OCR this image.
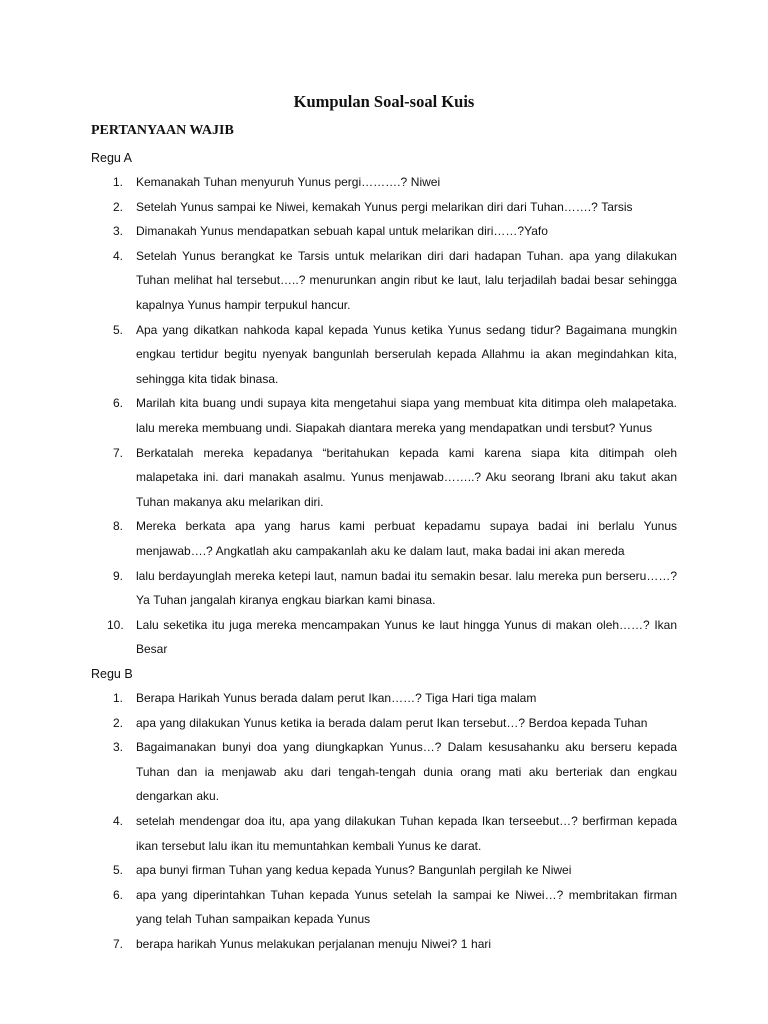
Kumpulan Soal-soal Kuis
PERTANYAAN WAJIB

Regu A

1.	Kemanakah Tuhan menyuruh Yunus pergi……….? Niwei
2.	Setelah Yunus sampai ke Niwei, kemakah Yunus pergi melarikan diri dari Tuhan…….? Tarsis
3.	Dimanakah Yunus mendapatkan sebuah kapal untuk melarikan diri……?Yafo
4.	Setelah Yunus berangkat ke Tarsis untuk melarikan diri dari hadapan Tuhan. apa yang dilakukan Tuhan melihat hal tersebut…..? menurunkan angin ribut ke laut, lalu terjadilah badai besar sehingga kapalnya Yunus hampir terpukul hancur.
5.	Apa yang dikatkan nahkoda kapal kepada Yunus ketika Yunus sedang tidur? Bagaimana mungkin engkau tertidur begitu nyenyak bangunlah berserulah kepada Allahmu ia akan megindahkan kita, sehingga kita tidak binasa.
6.	Marilah kita buang undi supaya kita mengetahui siapa yang membuat kita ditimpa oleh malapetaka. lalu mereka membuang undi. Siapakah diantara mereka yang mendapatkan undi tersbut? Yunus
7.	Berkatalah mereka kepadanya “beritahukan kepada kami karena siapa kita ditimpah oleh malapetaka ini. dari manakah asalmu. Yunus menjawab……..? Aku seorang Ibrani aku takut akan Tuhan makanya aku melarikan diri.
8.	Mereka berkata apa yang harus kami perbuat kepadamu supaya badai ini berlalu Yunus menjawab….? Angkatlah aku campakanlah aku ke dalam laut, maka badai ini akan mereda
9.	lalu berdayunglah mereka ketepi laut, namun badai itu semakin besar. lalu mereka pun berseru……? Ya Tuhan jangalah kiranya engkau biarkan kami binasa.
10.	Lalu seketika itu juga mereka mencampakan Yunus ke laut hingga Yunus di makan oleh……? Ikan Besar

Regu B

1.	Berapa Harikah Yunus berada dalam perut Ikan……? Tiga Hari tiga malam
2.	apa yang dilakukan Yunus ketika ia berada dalam perut Ikan tersebut…? Berdoa kepada Tuhan
3.	Bagaimanakan bunyi doa yang diungkapkan Yunus…? Dalam kesusahanku aku berseru kepada Tuhan dan ia menjawab aku dari tengah-tengah dunia orang mati aku berteriak dan engkau dengarkan aku.
4.	setelah mendengar doa itu, apa yang dilakukan Tuhan kepada Ikan terseebut…? berfirman kepada ikan tersebut lalu ikan itu memuntahkan kembali Yunus ke darat.
5.	apa bunyi firman Tuhan yang kedua kepada Yunus? Bangunlah pergilah ke Niwei
6.	apa yang diperintahkan Tuhan kepada Yunus setelah Ia sampai ke Niwei…? membritakan firman yang telah Tuhan sampaikan kepada Yunus
7.	berapa harikah Yunus melakukan perjalanan menuju Niwei? 1 hari
